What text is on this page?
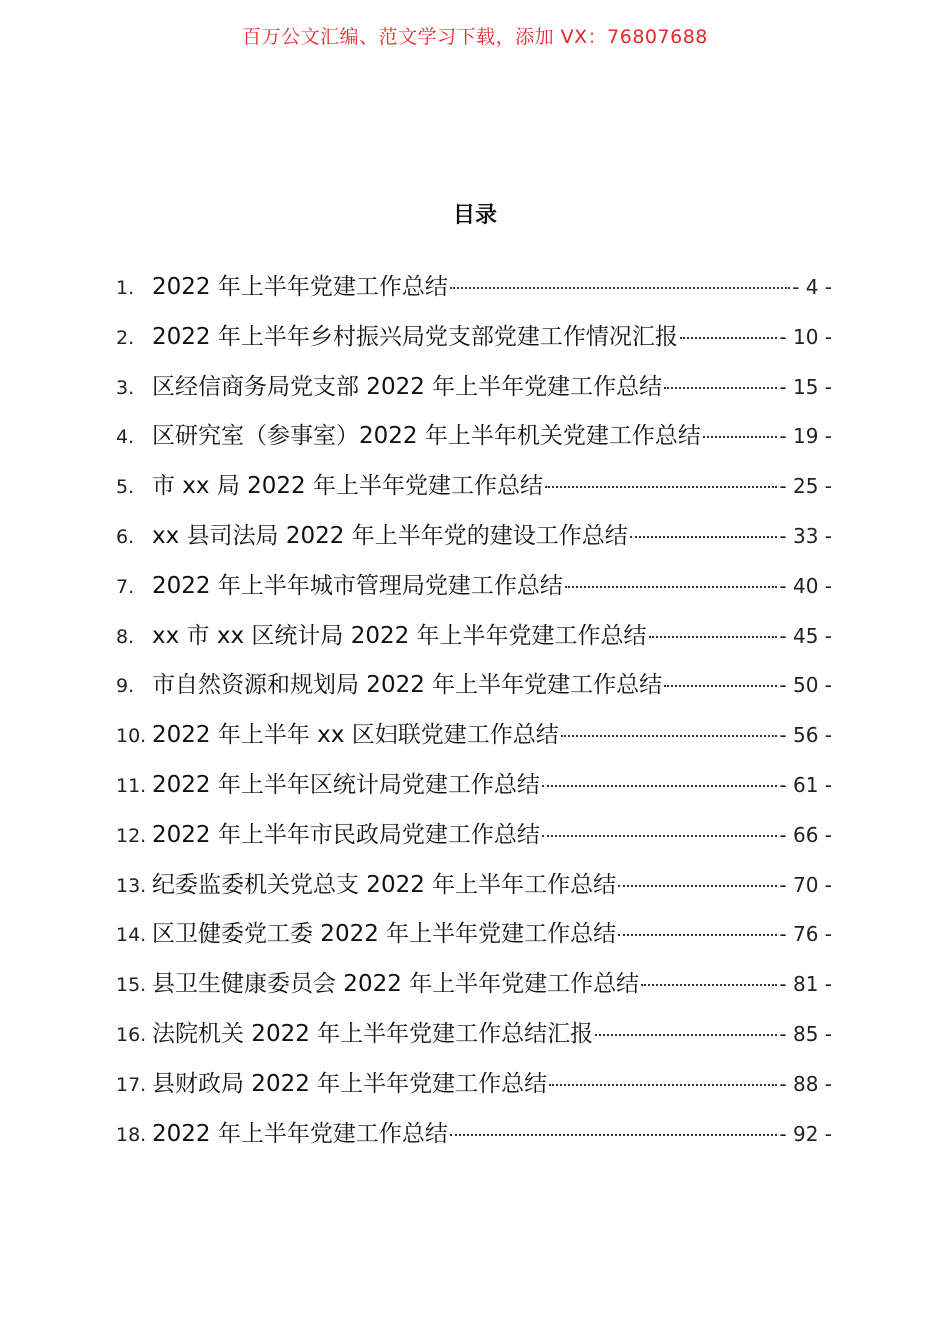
百万公文汇编、范文学习下载，添加 VX：76807688
目录
1. 2022 年上半年党建工作总结	- 4 -
2. 2022 年上半年乡村振兴局党支部党建工作情况汇报	- 10 -
3. 区经信商务局党支部 2022 年上半年党建工作总结	- 15 -
4. 区研究室（参事室）2022 年上半年机关党建工作总结	- 19 -
5. 市 xx 局 2022 年上半年党建工作总结	- 25 -
6. xx 县司法局 2022 年上半年党的建设工作总结	- 33 -
7. 2022 年上半年城市管理局党建工作总结	- 40 -
8. xx 市 xx 区统计局 2022 年上半年党建工作总结	- 45 -
9. 市自然资源和规划局 2022 年上半年党建工作总结	- 50 -
10. 2022 年上半年 xx 区妇联党建工作总结	- 56 -
11. 2022 年上半年区统计局党建工作总结	- 61 -
12. 2022 年上半年市民政局党建工作总结	- 66 -
13. 纪委监委机关党总支 2022 年上半年工作总结	- 70 -
14. 区卫健委党工委 2022 年上半年党建工作总结	- 76 -
15. 县卫生健康委员会 2022 年上半年党建工作总结	- 81 -
16. 法院机关 2022 年上半年党建工作总结汇报	- 85 -
17. 县财政局 2022 年上半年党建工作总结	- 88 -
18. 2022 年上半年党建工作总结	- 92 -
